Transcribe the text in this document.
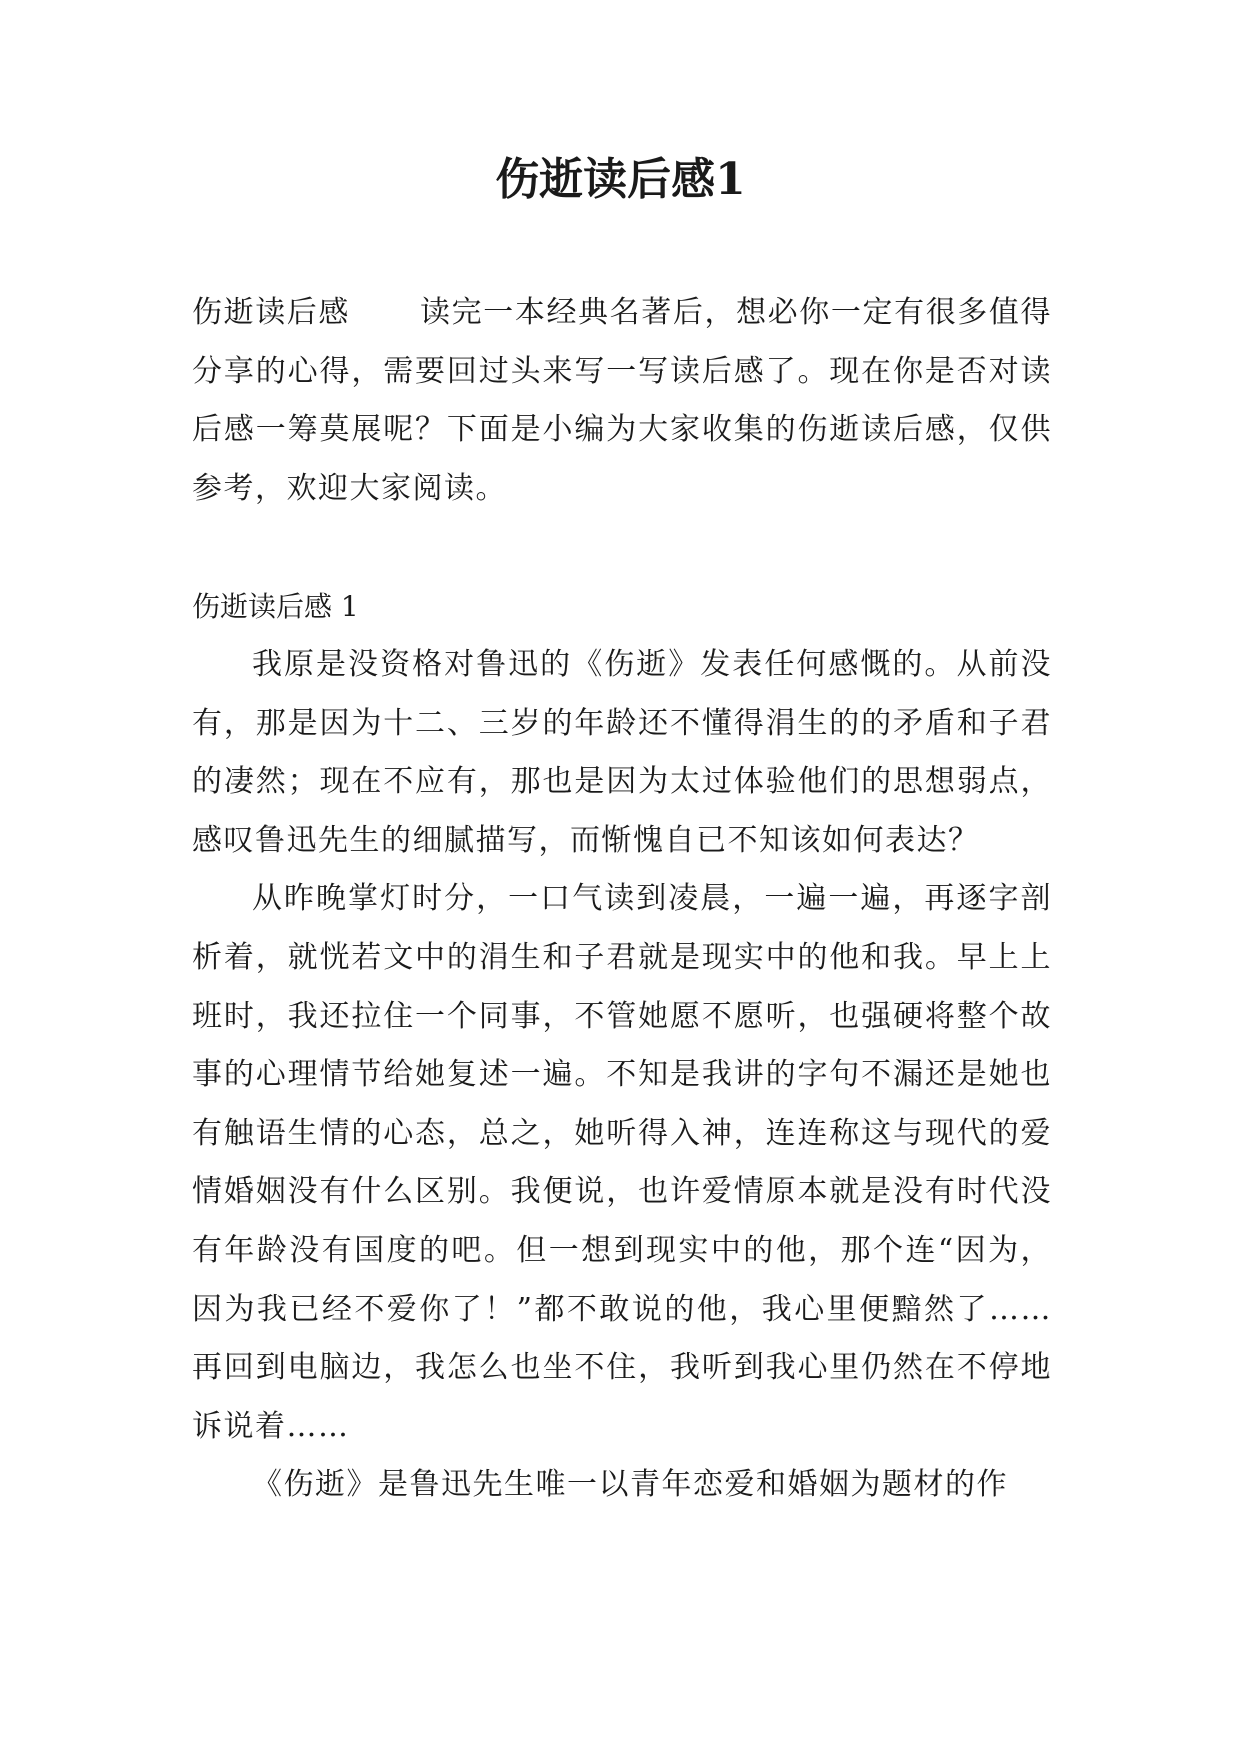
伤逝读后感1

伤逝读后感 读完一本经典名著后，想必你一定有很多值得分享的心得，需要回过头来写一写读后感了。现在你是否对读后感一筹莫展呢？下面是小编为大家收集的伤逝读后感，仅供参考，欢迎大家阅读。

伤逝读后感 1

我原是没资格对鲁迅的《伤逝》发表任何感慨的。从前没有，那是因为十二、三岁的年龄还不懂得涓生的的矛盾和子君的凄然；现在不应有，那也是因为太过体验他们的思想弱点，感叹鲁迅先生的细腻描写，而惭愧自已不知该如何表达？

从昨晚掌灯时分，一口气读到凌晨，一遍一遍，再逐字剖析着，就恍若文中的涓生和子君就是现实中的他和我。早上上班时，我还拉住一个同事，不管她愿不愿听，也强硬将整个故事的心理情节给她复述一遍。不知是我讲的字句不漏还是她也有触语生情的心态，总之，她听得入神，连连称这与现代的爱情婚姻没有什么区别。我便说，也许爱情原本就是没有时代没有年龄没有国度的吧。但一想到现实中的他，那个连“因为，因为我已经不爱你了！”都不敢说的他，我心里便黯然了……再回到电脑边，我怎么也坐不住，我听到我心里仍然在不停地诉说着……

《伤逝》是鲁迅先生唯一以青年恋爱和婚姻为题材的作
